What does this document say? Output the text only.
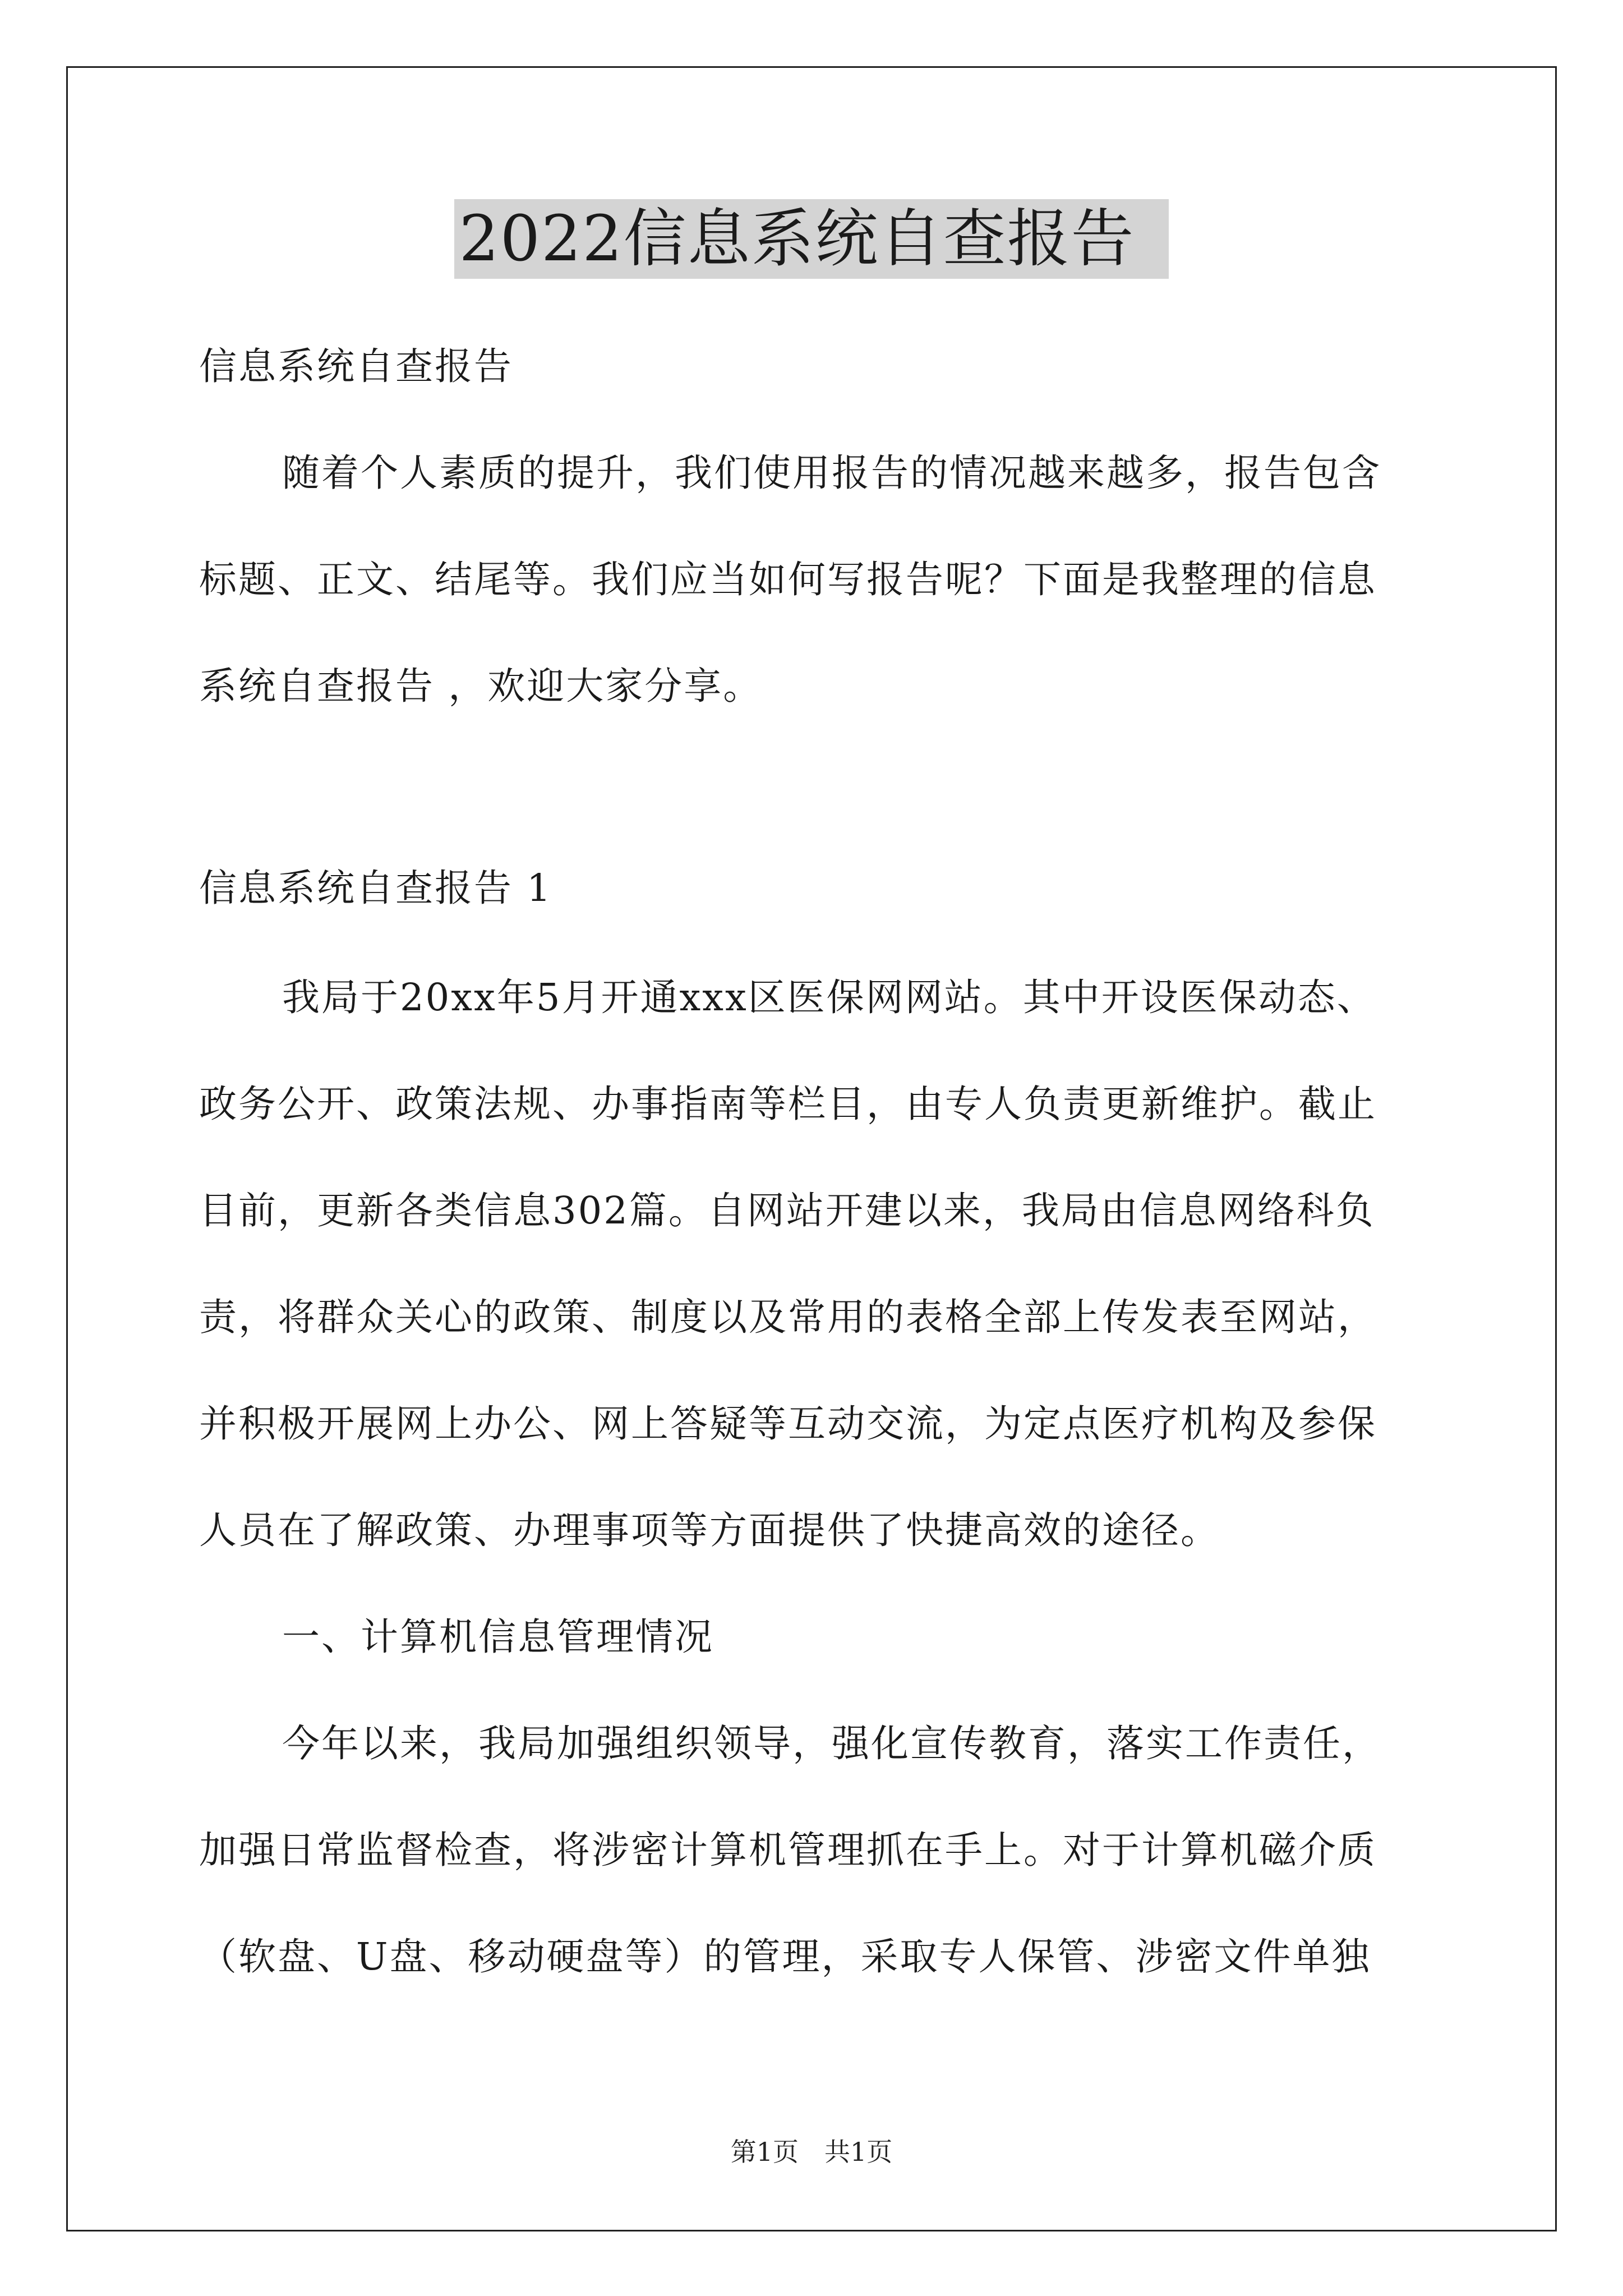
2022信息系统自查报告
信息系统自查报告
随着个人素质的提升，我们使用报告的情况越来越多，报告包含
标题、正文、结尾等。我们应当如何写报告呢？下面是我整理的信息
系统自查报告 ，欢迎大家分享。
信息系统自查报告 1
我局于20xx年5月开通xxx区医保网网站。其中开设医保动态、
政务公开、政策法规、办事指南等栏目，由专人负责更新维护。截止
目前，更新各类信息302篇。自网站开建以来，我局由信息网络科负
责，将群众关心的政策、制度以及常用的表格全部上传发表至网站，
并积极开展网上办公、网上答疑等互动交流，为定点医疗机构及参保
人员在了解政策、办理事项等方面提供了快捷高效的途径。
一、计算机信息管理情况
今年以来，我局加强组织领导，强化宣传教育，落实工作责任，
加强日常监督检查，将涉密计算机管理抓在手上。对于计算机磁介质
（软盘、U盘、移动硬盘等）的管理，采取专人保管、涉密文件单独
第1页　共1页
